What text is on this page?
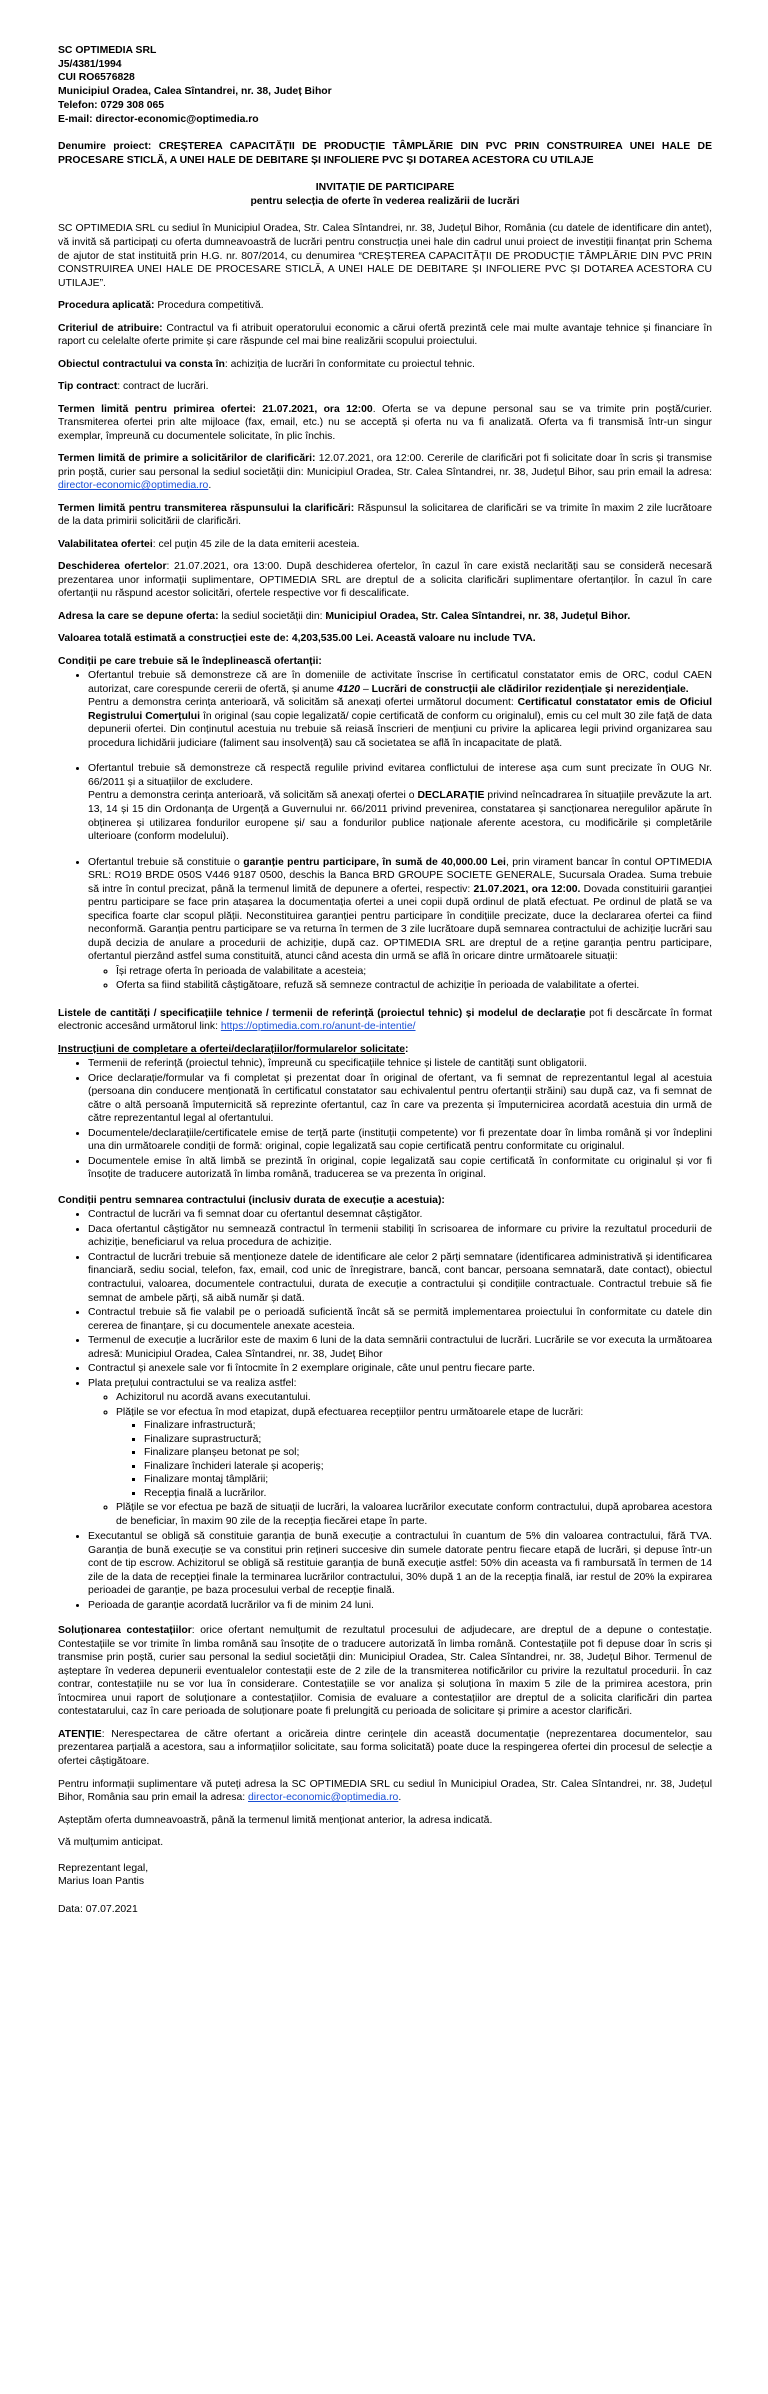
SC OPTIMEDIA SRL

J5/4381/1994

CUI RO6576828

Municipiul Oradea, Calea Sîntandrei, nr. 38, Județ Bihor

Telefon: 0729 308 065

E-mail: director-economic@optimedia.ro

Denumire proiect: CREȘTEREA CAPACITĂȚII DE PRODUCȚIE TÂMPLĂRIE DIN PVC PRIN CONSTRUIREA UNEI HALE DE PROCESARE STICLĂ, A UNEI HALE DE DEBITARE ȘI INFOLIERE PVC ȘI DOTAREA ACESTORA CU UTILAJE

INVITAȚIE DE PARTICIPARE

pentru selecția de oferte în vederea realizării de lucrări

SC OPTIMEDIA SRL cu sediul în Municipiul Oradea, Str. Calea Sîntandrei, nr. 38, Județul Bihor, România (cu datele de identificare din antet), vă invită să participați cu oferta dumneavoastră de lucrări pentru construcția unei hale din cadrul unui proiect de investiții finanțat prin Schema de ajutor de stat instituită prin H.G. nr. 807/2014, cu denumirea “CREȘTEREA CAPACITĂȚII DE PRODUCȚIE TÂMPLĂRIE DIN PVC PRIN CONSTRUIREA UNEI HALE DE PROCESARE STICLĂ, A UNEI HALE DE DEBITARE ȘI INFOLIERE PVC ȘI DOTAREA ACESTORA CU UTILAJE”.

Procedura aplicată: Procedura competitivă.

Criteriul de atribuire: Contractul va fi atribuit operatorului economic a cărui ofertă prezintă cele mai multe avantaje tehnice și financiare în raport cu celelalte oferte primite și care răspunde cel mai bine realizării scopului proiectului.

Obiectul contractului va consta în: achiziția de lucrări în conformitate cu proiectul tehnic.

Tip contract: contract de lucrări.

Termen limită pentru primirea ofertei: 21.07.2021, ora 12:00. Oferta se va depune personal sau se va trimite prin poștă/curier. Transmiterea ofertei prin alte mijloace (fax, email, etc.) nu se acceptă și oferta nu va fi analizată. Oferta va fi transmisă într-un singur exemplar, împreună cu documentele solicitate, în plic închis.

Termen limită de primire a solicitărilor de clarificări: 12.07.2021, ora 12:00. Cererile de clarificări pot fi solicitate doar în scris și transmise prin poștă, curier sau personal la sediul societății din: Municipiul Oradea, Str. Calea Sîntandrei, nr. 38, Județul Bihor, sau prin email la adresa: director-economic@optimedia.ro.

Termen limită pentru transmiterea răspunsului la clarificări: Răspunsul la solicitarea de clarificări se va trimite în maxim 2 zile lucrătoare de la data primirii solicitării de clarificări.

Valabilitatea ofertei: cel puțin 45 zile de la data emiterii acesteia.

Deschiderea ofertelor: 21.07.2021, ora 13:00. După deschiderea ofertelor, în cazul în care există neclarități sau se consideră necesară prezentarea unor informații suplimentare, OPTIMEDIA SRL are dreptul de a solicita clarificări suplimentare ofertanților. În cazul în care ofertanții nu răspund acestor solicitări, ofertele respective vor fi descalificate.

Adresa la care se depune oferta: la sediul societății din: Municipiul Oradea, Str. Calea Sîntandrei, nr. 38, Județul Bihor.

Valoarea totală estimată a construcției este de: 4,203,535.00 Lei. Această valoare nu include TVA.

Condiții pe care trebuie să le îndeplinească ofertanții:

• Ofertantul trebuie să demonstreze că are în domeniile de activitate înscrise în certificatul constatator emis de ORC, codul CAEN autorizat, care corespunde cererii de ofertă, și anume 4120 – Lucrări de construcții ale clădirilor rezidențiale și nerezidențiale.
Pentru a demonstra cerința anterioară, vă solicităm să anexați ofertei următorul document: Certificatul constatator emis de Oficiul Registrului Comerțului în original (sau copie legalizată/ copie certificată de conform cu originalul), emis cu cel mult 30 zile față de data depunerii ofertei. Din conținutul acestuia nu trebuie să reiasă înscrieri de mențiuni cu privire la aplicarea legii privind organizarea sau procedura lichidării judiciare (faliment sau insolvență) sau că societatea se află în incapacitate de plată.
• Ofertantul trebuie să demonstreze că respectă regulile privind evitarea conflictului de interese așa cum sunt precizate în OUG Nr. 66/2011 și a situațiilor de excludere.
Pentru a demonstra cerința anterioară, vă solicităm să anexați ofertei o DECLARAȚIE privind neîncadrarea în situațiile prevăzute la art. 13, 14 și 15 din Ordonanța de Urgență a Guvernului nr. 66/2011 privind prevenirea, constatarea și sancționarea neregulilor apărute în obținerea și utilizarea fondurilor europene și/ sau a fondurilor publice naționale aferente acestora, cu modificările și completările ulterioare (conform modelului).
• Ofertantul trebuie să constituie o garanție pentru participare, în sumă de 40,000.00 Lei, prin virament bancar în contul OPTIMEDIA SRL: RO19 BRDE 050S V446 9187 0500, deschis la Banca BRD GROUPE SOCIETE GENERALE, Sucursala Oradea. Suma trebuie să intre în contul precizat, până la termenul limită de depunere a ofertei, respectiv: 21.07.2021, ora 12:00. Dovada constituirii garanției pentru participare se face prin atașarea la documentația ofertei a unei copii după ordinul de plată efectuat. Pe ordinul de plată se va specifica foarte clar scopul plății. Neconstituirea garanției pentru participare în condițiile precizate, duce la declararea ofertei ca fiind neconformă. Garanția pentru participare se va returna în termen de 3 zile lucrătoare după semnarea contractului de achiziție lucrări sau după decizia de anulare a procedurii de achiziție, după caz. OPTIMEDIA SRL are dreptul de a reține garanția pentru participare, ofertantul pierzând astfel suma constituită, atunci când acesta din urmă se află în oricare dintre următoarele situații:
◦ Își retrage oferta în perioada de valabilitate a acesteia;
◦ Oferta sa fiind stabilită câștigătoare, refuză să semneze contractul de achiziție în perioada de valabilitate a ofertei.

Listele de cantități / specificațiile tehnice / termenii de referință (proiectul tehnic) și modelul de declarație pot fi descărcate în format electronic accesând următorul link: https://optimedia.com.ro/anunt-de-intentie/

Instrucțiuni de completare a ofertei/declarațiilor/formularelor solicitate:

• Termenii de referință (proiectul tehnic), împreună cu specificațiile tehnice și listele de cantități sunt obligatorii.
• Orice declarație/formular va fi completat și prezentat doar în original de ofertant, va fi semnat de reprezentantul legal al acestuia (persoana din conducere menționată în certificatul constatator sau echivalentul pentru ofertanții străini) sau după caz, va fi semnat de către o altă persoană împuternicită să reprezinte ofertantul, caz în care va prezenta și împuternicirea acordată acestuia din urmă de către reprezentantul legal al ofertantului.
• Documentele/declarațiile/certificatele emise de terță parte (instituții competente) vor fi prezentate doar în limba română și vor îndeplini una din următoarele condiții de formă: original, copie legalizată sau copie certificată pentru conformitate cu originalul.
• Documentele emise în altă limbă se prezintă în original, copie legalizată sau copie certificată în conformitate cu originalul și vor fi însoțite de traducere autorizată în limba română, traducerea se va prezenta în original.

Condiții pentru semnarea contractului (inclusiv durata de execuție a acestuia):

• Contractul de lucrări va fi semnat doar cu ofertantul desemnat câștigător.
• Daca ofertantul câștigător nu semnează contractul în termenii stabiliți în scrisoarea de informare cu privire la rezultatul procedurii de achiziție, beneficiarul va relua procedura de achiziție.
• Contractul de lucrări trebuie să menționeze datele de identificare ale celor 2 părți semnatare (identificarea administrativă și identificarea financiară, sediu social, telefon, fax, email, cod unic de înregistrare, bancă, cont bancar, persoana semnatară, date contact), obiectul contractului, valoarea, documentele contractului, durata de execuție a contractului și condițiile contractuale. Contractul trebuie să fie semnat de ambele părți, să aibă număr și dată.
• Contractul trebuie să fie valabil pe o perioadă suficientă încât să se permită implementarea proiectului în conformitate cu datele din cererea de finanțare, și cu documentele anexate acesteia.
• Termenul de execuție a lucrărilor este de maxim 6 luni de la data semnării contractului de lucrări. Lucrările se vor executa la următoarea adresă: Municipiul Oradea, Calea Sîntandrei, nr. 38, Județ Bihor
• Contractul și anexele sale vor fi întocmite în 2 exemplare originale, câte unul pentru fiecare parte.
• Plata prețului contractului se va realiza astfel:
◦ Achizitorul nu acordă avans executantului.
◦ Plățile se vor efectua în mod etapizat, după efectuarea recepțiilor pentru următoarele etape de lucrări:
▪ Finalizare infrastructură;
▪ Finalizare suprastructură;
▪ Finalizare planșeu betonat pe sol;
▪ Finalizare închideri laterale și acoperiș;
▪ Finalizare montaj tâmplării;
▪ Recepția finală a lucrărilor.
◦ Plățile se vor efectua pe bază de situații de lucrări, la valoarea lucrărilor executate conform contractului, după aprobarea acestora de beneficiar, în maxim 90 zile de la recepția fiecărei etape în parte.
• Executantul se obligă să constituie garanția de bună execuție a contractului în cuantum de 5% din valoarea contractului, fără TVA. Garanția de bună execuție se va constitui prin rețineri succesive din sumele datorate pentru fiecare etapă de lucrări, și depuse într-un cont de tip escrow. Achizitorul se obligă să restituie garanția de bună execuție astfel: 50% din aceasta va fi rambursată în termen de 14 zile de la data de recepției finale la terminarea lucrărilor contractului, 30% după 1 an de la recepția finală, iar restul de 20% la expirarea perioadei de garanție, pe baza procesului verbal de recepție finală.
• Perioada de garanție acordată lucrărilor va fi de minim 24 luni.

Soluționarea contestațiilor: orice ofertant nemulțumit de rezultatul procesului de adjudecare, are dreptul de a depune o contestație. Contestațiile se vor trimite în limba română sau însoțite de o traducere autorizată în limba română. Contestațiile pot fi depuse doar în scris și transmise prin poștă, curier sau personal la sediul societății din: Municipiul Oradea, Str. Calea Sîntandrei, nr. 38, Județul Bihor. Termenul de așteptare în vederea depunerii eventualelor contestații este de 2 zile de la transmiterea notificărilor cu privire la rezultatul procedurii. În caz contrar, contestațiile nu se vor lua în considerare. Contestațiile se vor analiza și soluționa în maxim 5 zile de la primirea acestora, prin întocmirea unui raport de soluționare a contestațiilor. Comisia de evaluare a contestațiilor are dreptul de a solicita clarificări din partea contestatarului, caz în care perioada de soluționare poate fi prelungită cu perioada de solicitare și primire a acestor clarificări.

ATENȚIE: Nerespectarea de către ofertant a oricăreia dintre cerințele din această documentație (neprezentarea documentelor, sau prezentarea parțială a acestora, sau a informațiilor solicitate, sau forma solicitată) poate duce la respingerea ofertei din procesul de selecție a ofertei câștigătoare.

Pentru informații suplimentare vă puteți adresa la SC OPTIMEDIA SRL cu sediul în Municipiul Oradea, Str. Calea Sîntandrei, nr. 38, Județul Bihor, România sau prin email la adresa: director-economic@optimedia.ro.

Așteptăm oferta dumneavoastră, până la termenul limită menționat anterior, la adresa indicată.

Vă mulțumim anticipat.

Reprezentant legal,

Marius Ioan Pantis

Data: 07.07.2021
